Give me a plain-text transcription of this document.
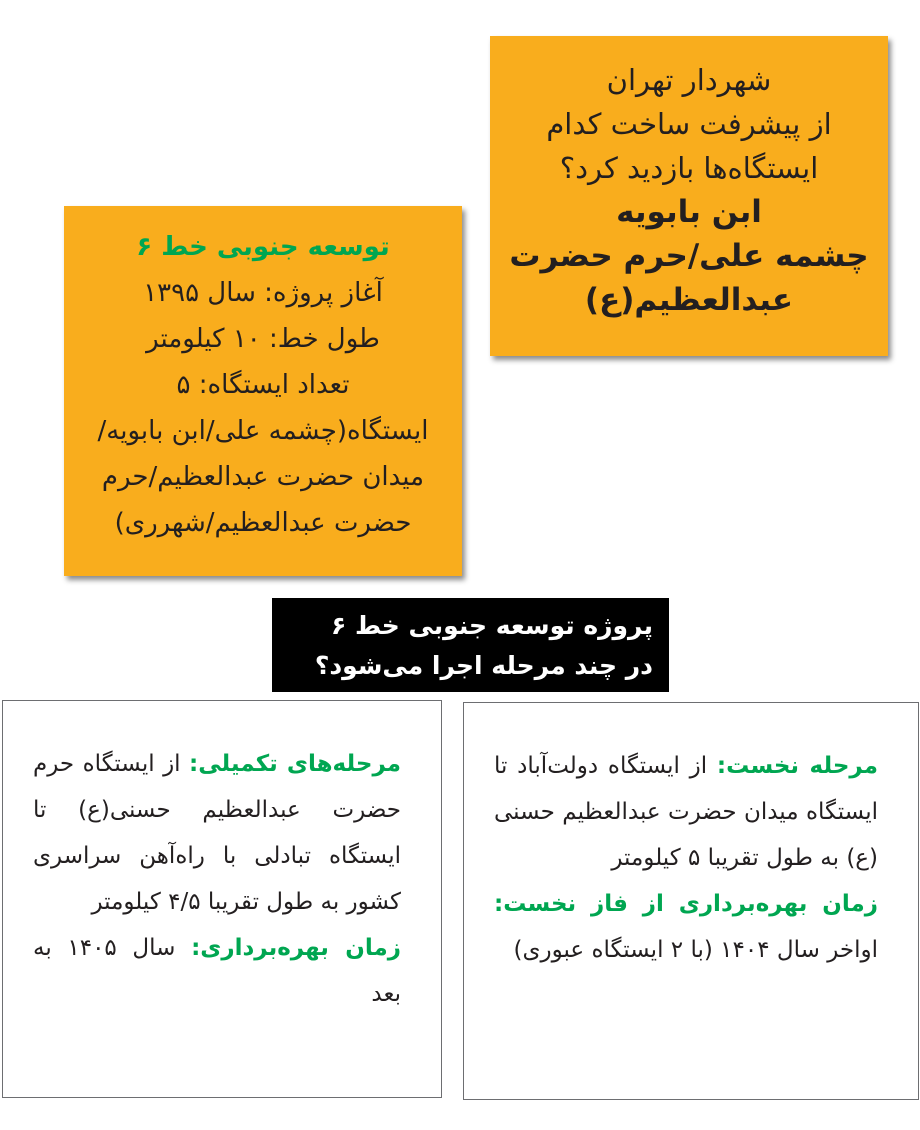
شهردار تهران
از پیشرفت ساخت کدام
ایستگاه‌ها بازدید کرد؟
ابن بابویه
چشمه علی/حرم حضرت
عبدالعظیم(ع)
توسعه جنوبی خط ۶
آغاز پروژه: سال ۱۳۹۵
طول خط: ۱۰ کیلومتر
تعداد ایستگاه: ۵
ایستگاه(چشمه علی/ابن بابویه/
میدان حضرت عبدالعظیم/حرم
حضرت عبدالعظیم/شهرری)
پروژه توسعه جنوبی خط ۶
در چند مرحله اجرا می‌شود؟

مرحله نخست: از ایستگاه دولت‌آباد تا ایستگاه میدان حضرت عبدالعظیم حسنی (ع) به طول تقریبا ۵ کیلومتر

زمان بهره‌برداری از فاز نخست: اواخر سال ۱۴۰۴ (با ۲ ایستگاه عبوری)

مرحله‌های تکمیلی: از ایستگاه حرم حضرت عبدالعظیم حسنی(ع) تا ایستگاه تبادلی با راه‌آهن سراسری کشور به طول تقریبا ۴/۵ کیلومتر

زمان بهره‌برداری: سال ۱۴۰۵ به بعد
